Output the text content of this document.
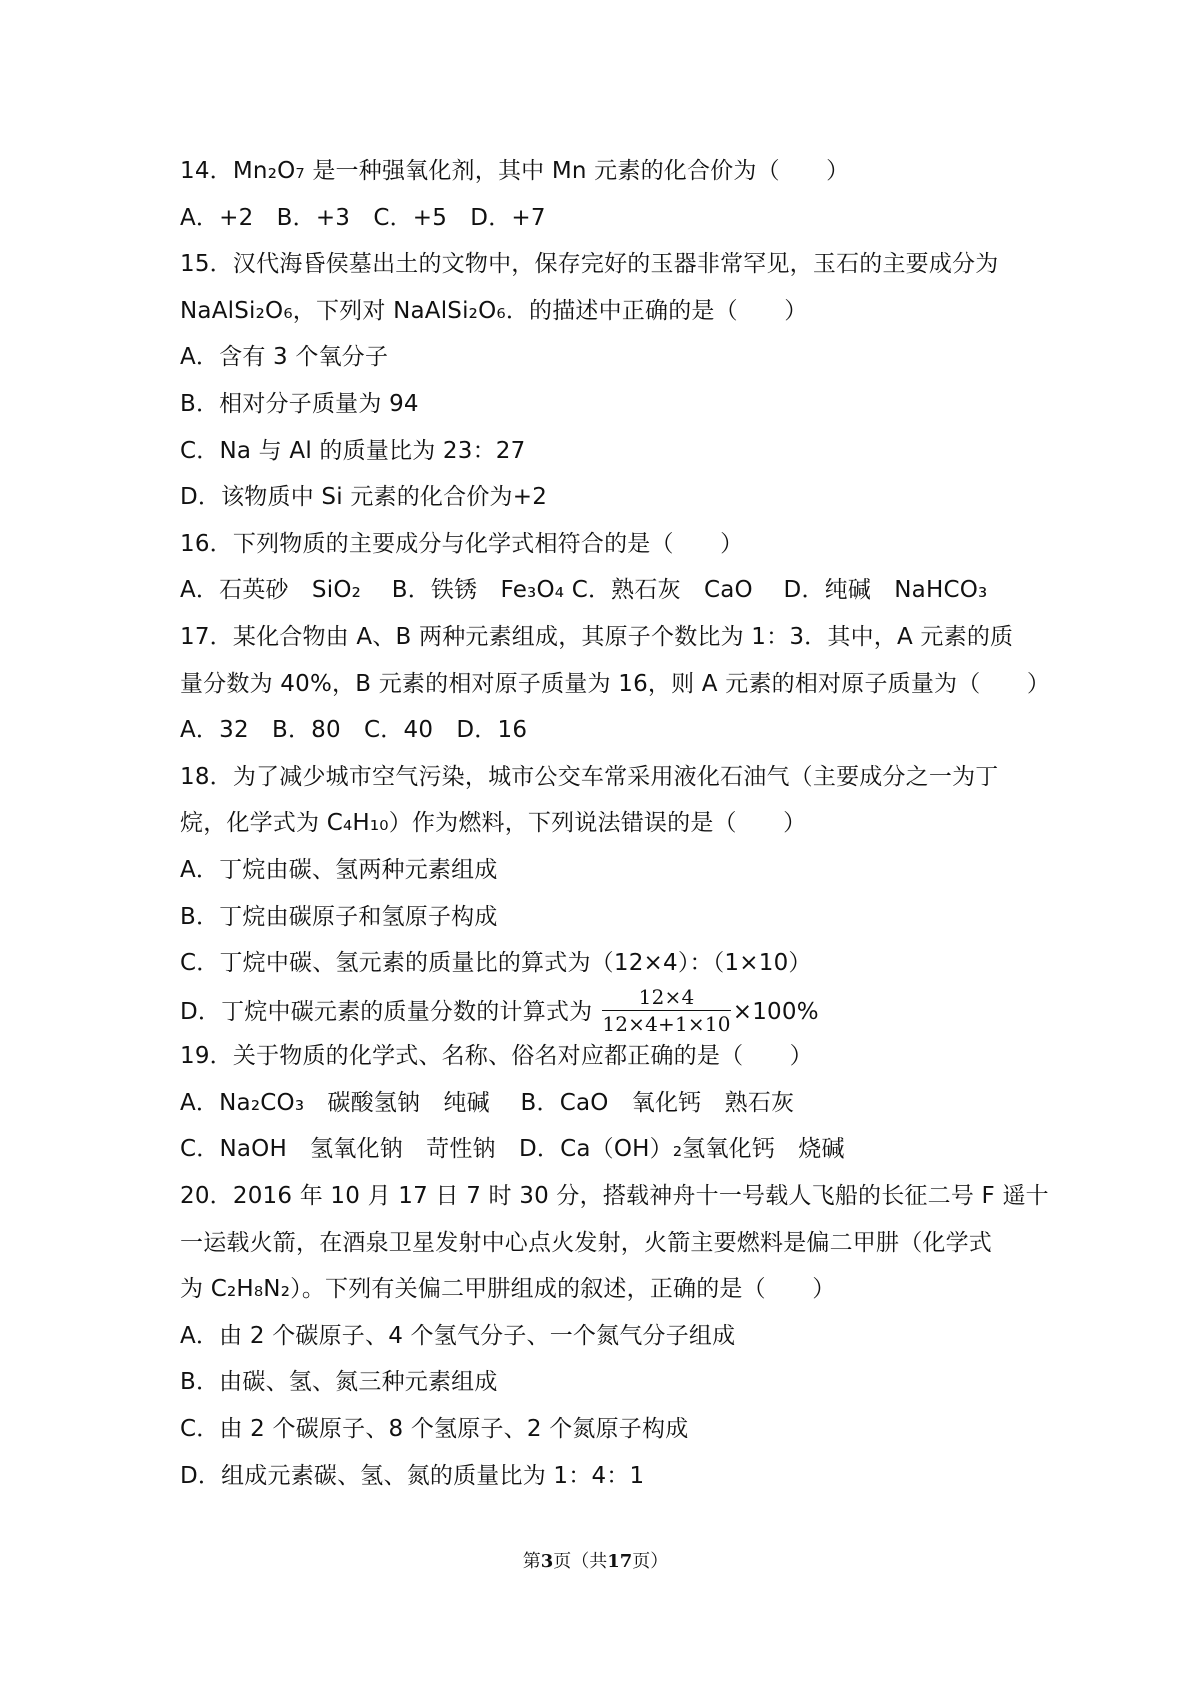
14．Mn₂O₇ 是一种强氧化剂，其中 Mn 元素的化合价为（　　）
A．+2　B．+3　C．+5　D．+7
15．汉代海昏侯墓出土的文物中，保存完好的玉器非常罕见，玉石的主要成分为
NaAlSi₂O₆，下列对 NaAlSi₂O₆．的描述中正确的是（　　）
A．含有 3 个氧分子
B．相对分子质量为 94
C．Na 与 Al 的质量比为 23：27
D．该物质中 Si 元素的化合价为+2
16．下列物质的主要成分与化学式相符合的是（　　）
A．石英砂　SiO₂　 B．铁锈　Fe₃O₄ C．熟石灰　CaO　 D．纯碱　NaHCO₃
17．某化合物由 A、B 两种元素组成，其原子个数比为 1：3．其中，A 元素的质
量分数为 40%，B 元素的相对原子质量为 16，则 A 元素的相对原子质量为（　　）
A．32　B．80　C．40　D．16
18．为了减少城市空气污染，城市公交车常采用液化石油气（主要成分之一为丁
烷，化学式为 C₄H₁₀）作为燃料，下列说法错误的是（　　）
A．丁烷由碳、氢两种元素组成
B．丁烷由碳原子和氢原子构成
C．丁烷中碳、氢元素的质量比的算式为（12×4）：（1×10）
D．丁烷中碳元素的质量分数的计算式为 $\frac{12\times 4}{12\times 4+1\times 10} \times 100\%$
19．关于物质的化学式、名称、俗名对应都正确的是（　　）
A．Na₂CO₃　碳酸氢钠　纯碱　 B．CaO　氧化钙　熟石灰
C．NaOH　氢氧化钠　苛性钠　D．Ca（OH）₂氢氧化钙　烧碱
20．2016 年 10 月 17 日 7 时 30 分，搭载神舟十一号载人飞船的长征二号 F 遥十
一运载火箭，在酒泉卫星发射中心点火发射，火箭主要燃料是偏二甲肼（化学式
为 C₂H₈N₂）。下列有关偏二甲肼组成的叙述，正确的是（　　）
A．由 2 个碳原子、4 个氢气分子、一个氮气分子组成
B．由碳、氢、氮三种元素组成
C．由 2 个碳原子、8 个氢原子、2 个氮原子构成
D．组成元素碳、氢、氮的质量比为 1：4：1
第3页（共17页）
